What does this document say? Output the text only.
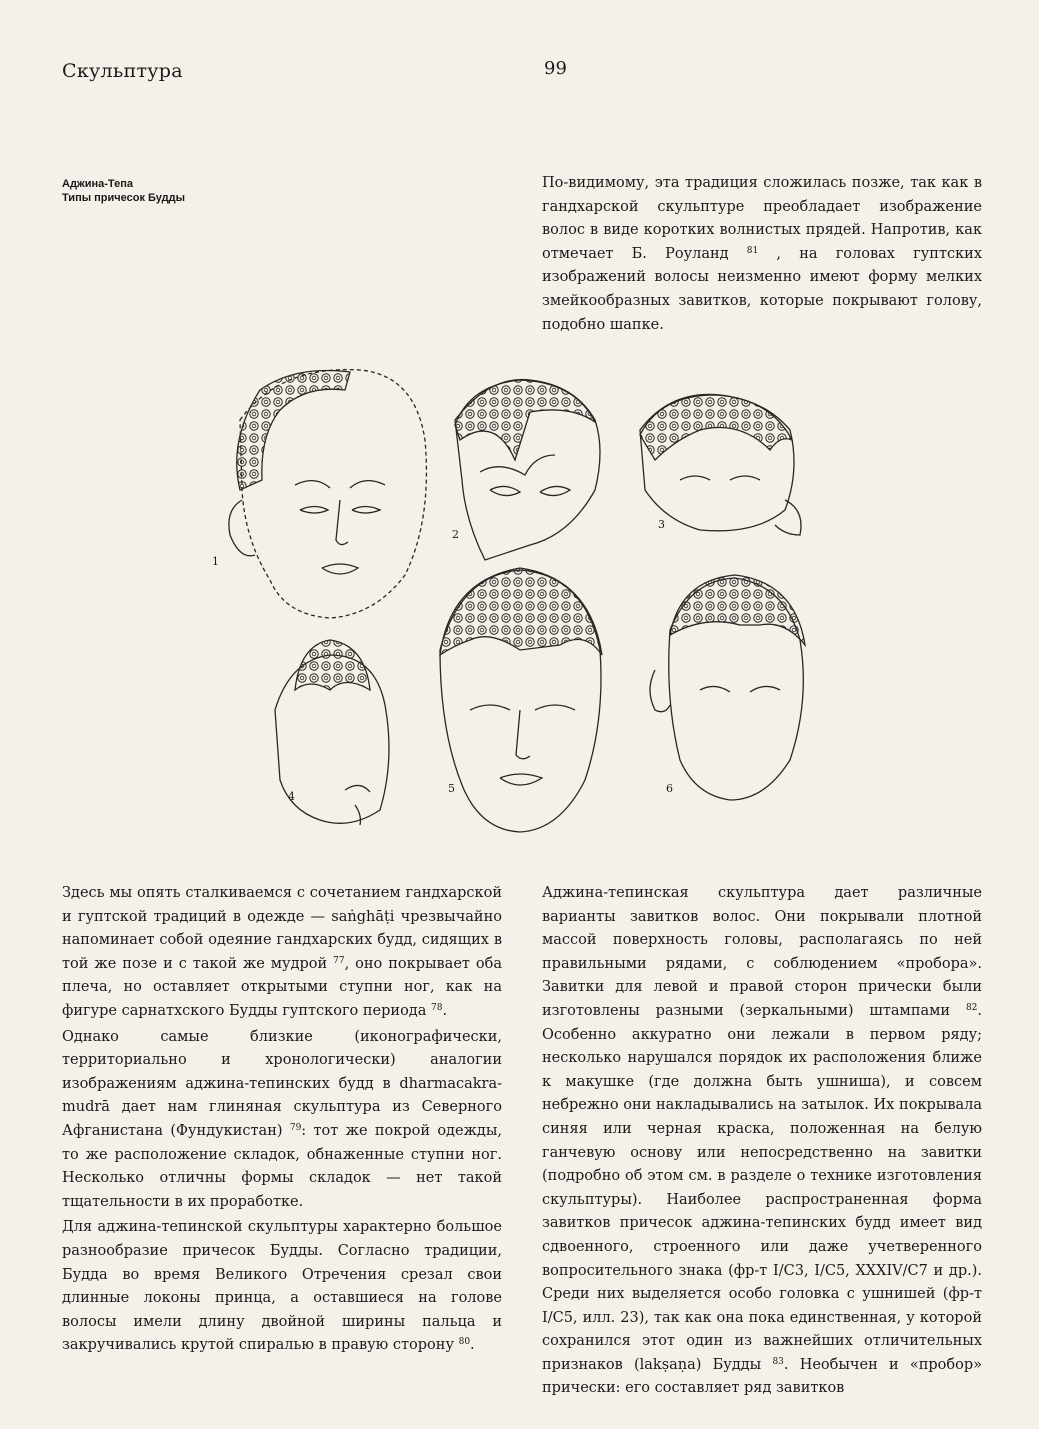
Скульптура	99
Аджина-Тепа
Типы причесок Будды

По-видимому, эта традиция сложилась позже, так как в гандхарской скульптуре преобладает изображение волос в виде коротких волнистых прядей. Напротив, как отмечает Б. Роуланд $^{81}$ , на головах гуптских изображений волосы неизменно имеют форму мелких змейкообразных завитков, которые покрывают голову, подобно шапке.

1
2
3
4
5	6

Здесь мы опять сталкиваемся с сочетанием гандхарской и гуптской традиций в одежде — saṅghāṭi чрезвычайно напоминает собой одеяние гандхарских будд, сидящих в той же позе и с такой же мудрой $^{77}$, оно покрывает оба плеча, но оставляет открытыми ступни ног, как на фигуре сарнатхского Будды гуптского периода $^{78}$.

Однако самые близкие (иконографически, территориально и хронологически) аналогии изображениям аджина-тепинских будд в dharmacakra-mudrā дает нам глиняная скульптура из Северного Афганистана (Фундукистан) $^{79}$: тот же покрой одежды, то же расположение складок, обнаженные ступни ног. Несколько отличны формы складок — нет такой тщательности в их проработке.

Для аджина-тепинской скульптуры характерно большое разнообразие причесок Будды. Согласно традиции, Будда во время Великого Отречения срезал свои длинные локоны принца, а оставшиеся на голове волосы имели длину двойной ширины пальца и закручивались крутой спиралью в правую сторону $^{80}$.

Аджина-тепинская скульптура дает различные варианты завитков волос. Они покрывали плотной массой поверхность головы, располагаясь по ней правильными рядами, с соблюдением «пробора». Завитки для левой и правой сторон прически были изготовлены разными (зеркальными) штампами $^{82}$. Особенно аккуратно они лежали в первом ряду; несколько нарушался порядок их расположения ближе к макушке (где должна быть ушниша), и совсем небрежно они накладывались на затылок. Их покрывала синяя или черная краска, положенная на белую ганчевую основу или непосредственно на завитки (подробно об этом см. в разделе о технике изготовления скульптуры). Наиболее распространенная форма завитков причесок аджина-тепинских будд имеет вид сдвоенного, строенного или даже учетверенного вопросительного знака (фр-т I/C3, I/C5, XXXIV/C7 и др.). Среди них выделяется особо головка с ушнишей (фр-т I/C5, илл. 23), так как она пока единственная, у которой сохранился этот один из важнейших отличительных признаков (lakṣaṇa) Будды $^{83}$. Необычен и «пробор» прически: его составляет ряд завитков
